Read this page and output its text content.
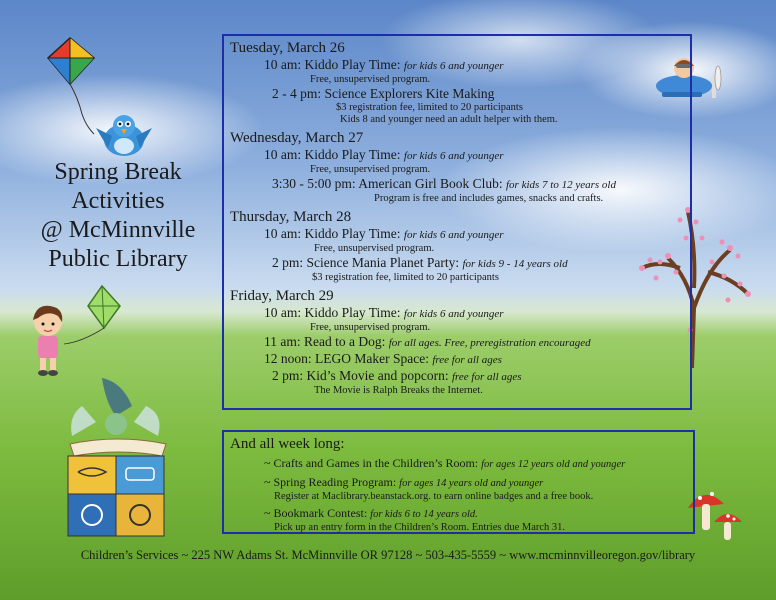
Spring Break
Activities
@ McMinnville
Public Library
Tuesday, March 26
10 am: Kiddo Play Time: for kids 6 and younger
Free, unsupervised program.
2 - 4 pm: Science Explorers Kite Making
$3 registration fee, limited to 20 participants
Kids 8 and younger need an adult helper with them.
Wednesday, March 27
10 am: Kiddo Play Time: for kids 6 and younger
Free, unsupervised program.
3:30 - 5:00 pm: American Girl Book Club: for kids 7 to 12 years old
Program is free and includes games, snacks and crafts.
Thursday, March 28
10 am: Kiddo Play Time: for kids 6 and younger
Free, unsupervised program.
2 pm: Science Mania Planet Party: for kids 9 - 14 years old
$3 registration fee, limited to 20 participants
Friday, March 29
10 am: Kiddo Play Time: for kids 6 and younger
Free, unsupervised program.
11 am: Read to a Dog: for all ages. Free, preregistration encouraged
12 noon: LEGO Maker Space: free for all ages
2 pm: Kid’s Movie and popcorn: free for all ages
The Movie is Ralph Breaks the Internet.
And all week long:
~ Crafts and Games in the Children’s Room: for ages 12 years old and younger
~ Spring Reading Program: for ages 14 years old and younger
Register at Maclibrary.beanstack.org. to earn online badges and a free book.
~ Bookmark Contest: for kids 6 to 14 years old.
Pick up an entry form in the Children’s Room. Entries due March 31.
Children’s Services ~ 225 NW Adams St. McMinnville OR 97128 ~ 503-435-5559 ~ www.mcminnvilleoregon.gov/library
